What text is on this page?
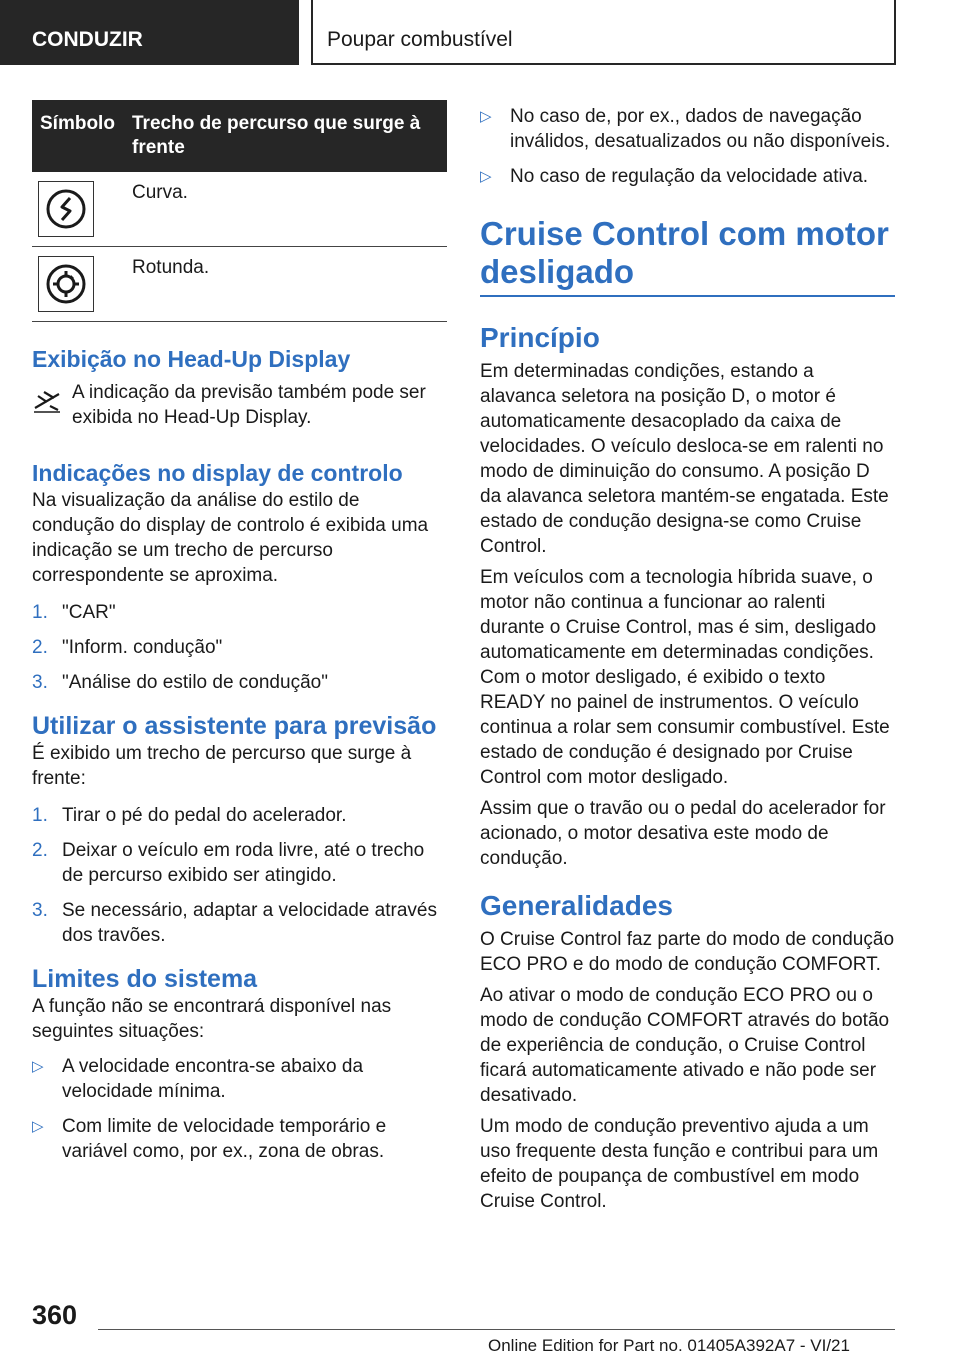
CONDUZIR	Poupar combustível
Símbolo	Trecho de percurso que surge à frente

	Curva.

	Rotunda.
Exibição no Head-Up Display

A indicação da previsão também pode ser exibida no Head-Up Display.

Indicações no display de controlo

Na visualização da análise do estilo de condução do display de controlo é exibida uma indicação se um trecho de percurso correspondente se aproxima.

1. "CAR"
2. "Inform. condução"
3. "Análise do estilo de condução"
Utilizar o assistente para previsão

É exibido um trecho de percurso que surge à frente:

1. Tirar o pé do pedal do acelerador.
2. Deixar o veículo em roda livre, até o trecho de percurso exibido ser atingido.
3. Se necessário, adaptar a velocidade através dos travões.
Limites do sistema

A função não se encontrará disponível nas seguintes situações:

▷ A velocidade encontra-se abaixo da velocidade mínima.
▷ Com limite de velocidade temporário e variável como, por ex., zona de obras.
▷ No caso de, por ex., dados de navegação inválidos, desatualizados ou não disponíveis.
▷ No caso de regulação da velocidade ativa.
Cruise Control com motor desligado
Princípio

Em determinadas condições, estando a alavanca seletora na posição D, o motor é automaticamente desacoplado da caixa de velocidades. O veículo desloca-se em ralenti no modo de diminuição do consumo. A posição D da alavanca seletora mantém-se engatada. Este estado de condução designa-se como Cruise Control.

Em veículos com a tecnologia híbrida suave, o motor não continua a funcionar ao ralenti durante o Cruise Control, mas é sim, desligado automaticamente em determinadas condições. Com o motor desligado, é exibido o texto READY no painel de instrumentos. O veículo continua a rolar sem consumir combustível. Este estado de condução é designado por Cruise Control com motor desligado.

Assim que o travão ou o pedal do acelerador for acionado, o motor desativa este modo de condução.

Generalidades

O Cruise Control faz parte do modo de condução ECO PRO e do modo de condução COMFORT.

Ao ativar o modo de condução ECO PRO ou o modo de condução COMFORT através do botão de experiência de condução, o Cruise Control ficará automaticamente ativado e não pode ser desativado.

Um modo de condução preventivo ajuda a um uso frequente desta função e contribui para um efeito de poupança de combustível em modo Cruise Control.

360
Online Edition for Part no. 01405A392A7 - VI/21
